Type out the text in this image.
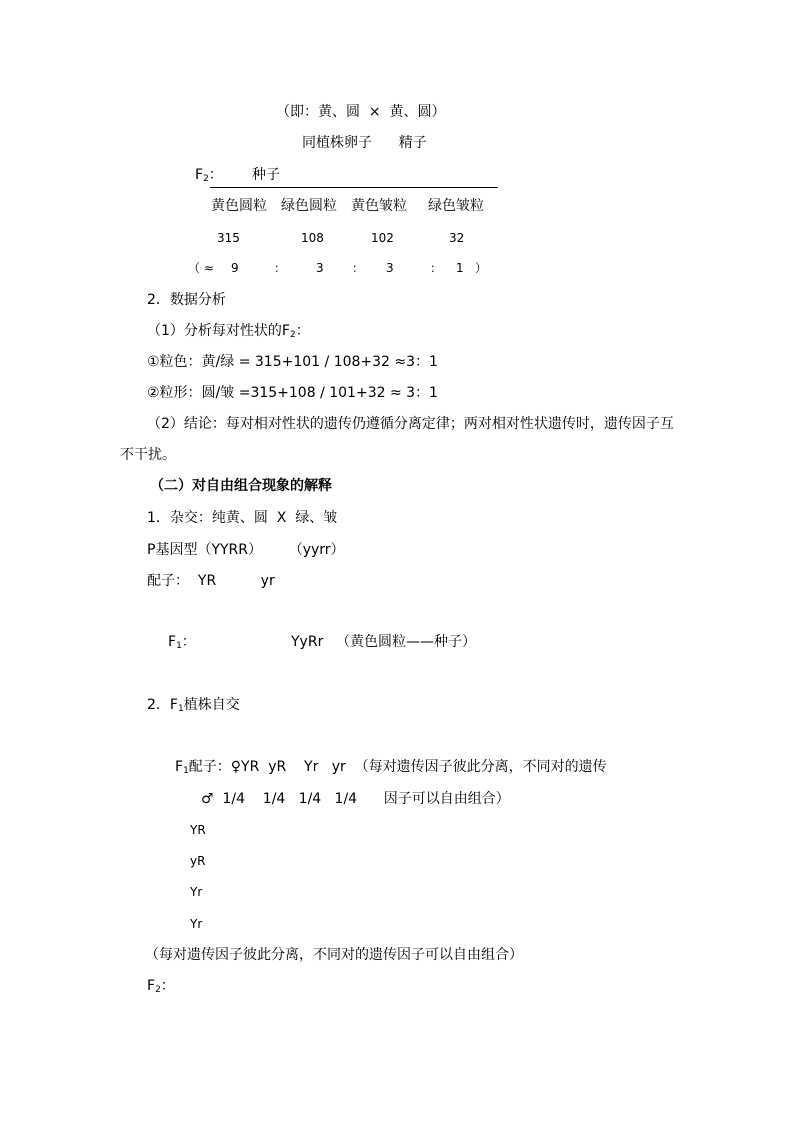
（即：黄、圆  ×  黄、圆）
同植株卵子      精子
$F_2$： 种子
黄色圆粒 绿色圆粒 黄色皱粒 绿色皱粒
315	108	102	32
（ ≈ 9	： 3 ： 3	： 1 ）
2．数据分析
（1）分析每对性状的$F_2$：
①粒色：黄/绿 = 315+101 / 108+32 ≈3：1
②粒形：圆/皱 =315+108 / 101+32 ≈ 3：1
（2）结论：每对相对性状的遗传仍遵循分离定律；两对相对性状遗传时，遗传因子互
不干扰。
（二）对自由组合现象的解释
1．杂交：纯黄、圆  X  绿、皱
P基因型（YYRR）      （yyrr）
配子：  YR          yr
$F_1$：	YyRr （黄色圆粒——种子）
2．$F_1$植株自交
$F_1$配子：♀YR  yR    Yr   yr  （每对遗传因子彼此分离，不同对的遗传
♂  1/4    1/4   1/4   1/4      因子可以自由组合）
YR
yR
Yr
Yr
（每对遗传因子彼此分离，不同对的遗传因子可以自由组合）
$F_2$：
